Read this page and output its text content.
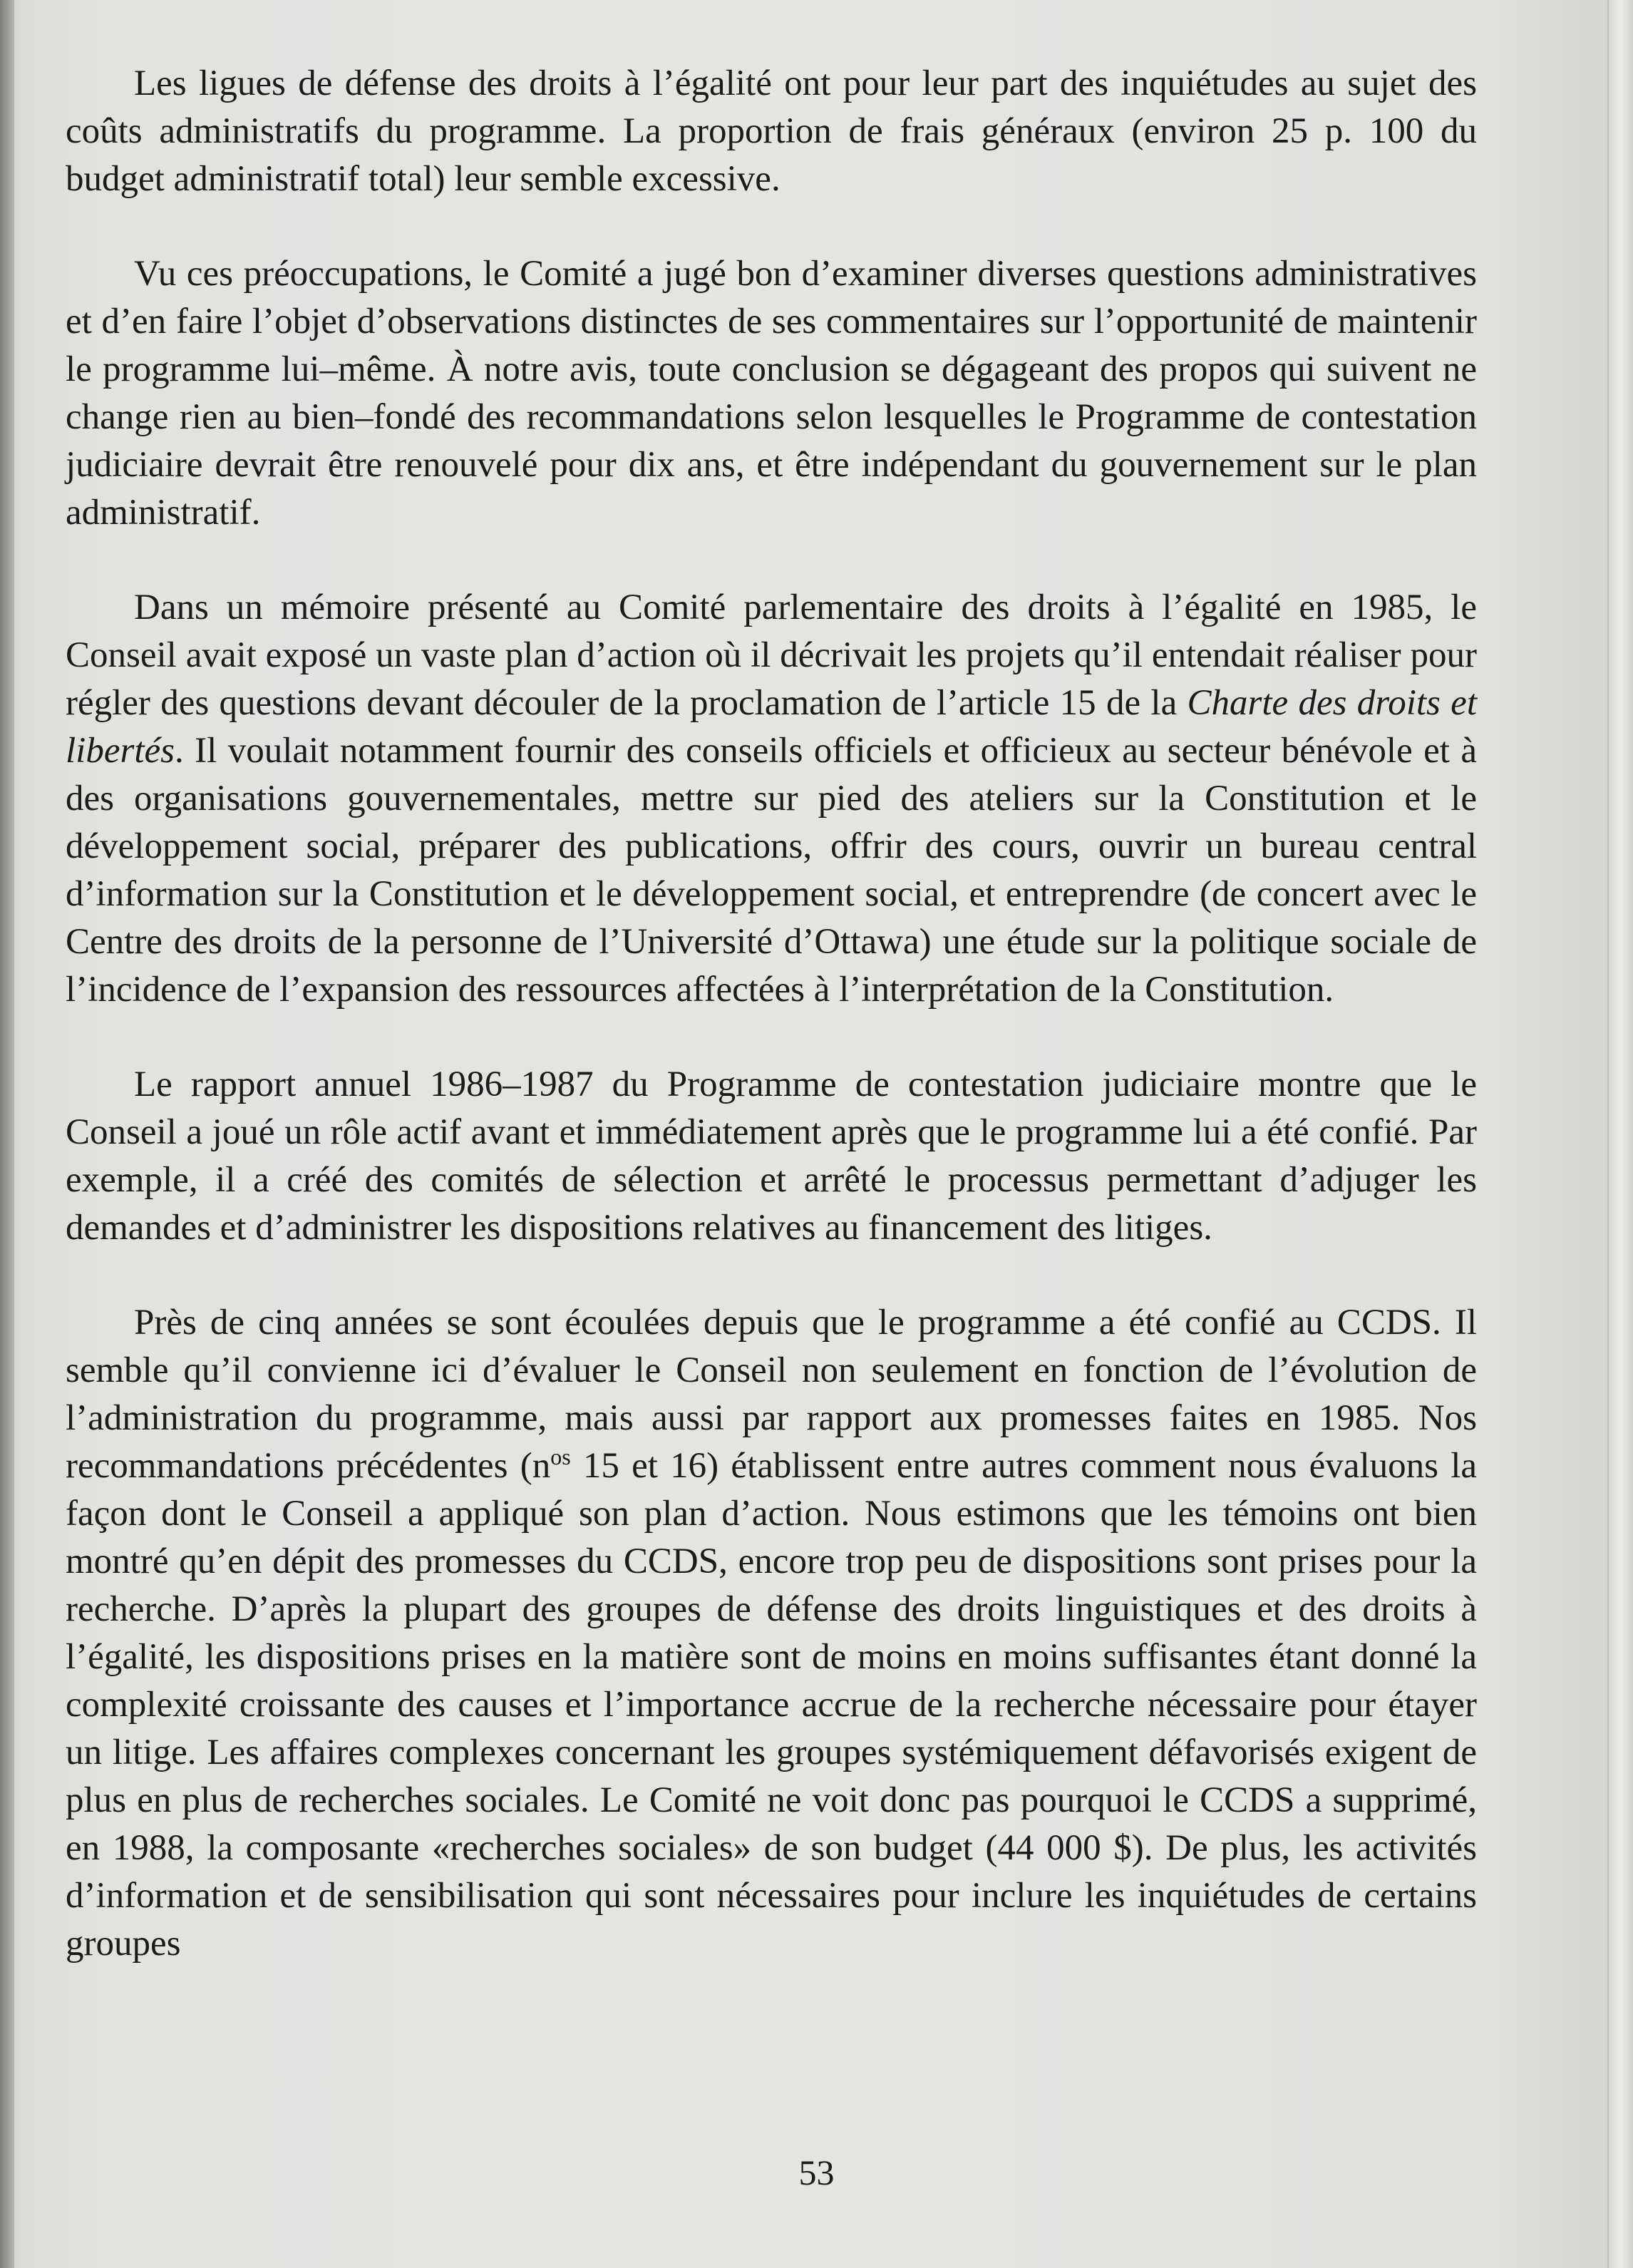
Les ligues de défense des droits à l’égalité ont pour leur part des inquiétudes au sujet des coûts administratifs du programme. La proportion de frais généraux (environ 25 p. 100 du budget administratif total) leur semble excessive.

Vu ces préoccupations, le Comité a jugé bon d’examiner diverses questions administratives et d’en faire l’objet d’observations distinctes de ses commentaires sur l’opportunité de maintenir le programme lui–même. À notre avis, toute conclusion se dégageant des propos qui suivent ne change rien au bien–fondé des recommandations selon lesquelles le Programme de contestation judiciaire devrait être renouvelé pour dix ans, et être indépendant du gouvernement sur le plan administratif.

Dans un mémoire présenté au Comité parlementaire des droits à l’égalité en 1985, le Conseil avait exposé un vaste plan d’action où il décrivait les projets qu’il entendait réaliser pour régler des questions devant découler de la proclamation de l’article 15 de la Charte des droits et libertés. Il voulait notamment fournir des conseils officiels et officieux au secteur bénévole et à des organisations gouvernementales, mettre sur pied des ateliers sur la Constitution et le développement social, préparer des publications, offrir des cours, ouvrir un bureau central d’information sur la Constitution et le développement social, et entreprendre (de concert avec le Centre des droits de la personne de l’Université d’Ottawa) une étude sur la politique sociale de l’incidence de l’expansion des ressources affectées à l’interprétation de la Constitution.

Le rapport annuel 1986–1987 du Programme de contestation judiciaire montre que le Conseil a joué un rôle actif avant et immédiatement après que le programme lui a été confié. Par exemple, il a créé des comités de sélection et arrêté le processus permettant d’adjuger les demandes et d’administrer les dispositions relatives au financement des litiges.

Près de cinq années se sont écoulées depuis que le programme a été confié au CCDS. Il semble qu’il convienne ici d’évaluer le Conseil non seulement en fonction de l’évolution de l’administration du programme, mais aussi par rapport aux promesses faites en 1985. Nos recommandations précédentes ($n^{os}$ 15 et 16) établissent entre autres comment nous évaluons la façon dont le Conseil a appliqué son plan d’action. Nous estimons que les témoins ont bien montré qu’en dépit des promesses du CCDS, encore trop peu de dispositions sont prises pour la recherche. D’après la plupart des groupes de défense des droits linguistiques et des droits à l’égalité, les dispositions prises en la matière sont de moins en moins suffisantes étant donné la complexité croissante des causes et l’importance accrue de la recherche nécessaire pour étayer un litige. Les affaires complexes concernant les groupes systémiquement défavorisés exigent de plus en plus de recherches sociales. Le Comité ne voit donc pas pourquoi le CCDS a supprimé, en 1988, la composante «recherches sociales» de son budget (44 000 $). De plus, les activités d’information et de sensibilisation qui sont nécessaires pour inclure les inquiétudes de certains groupes

53
